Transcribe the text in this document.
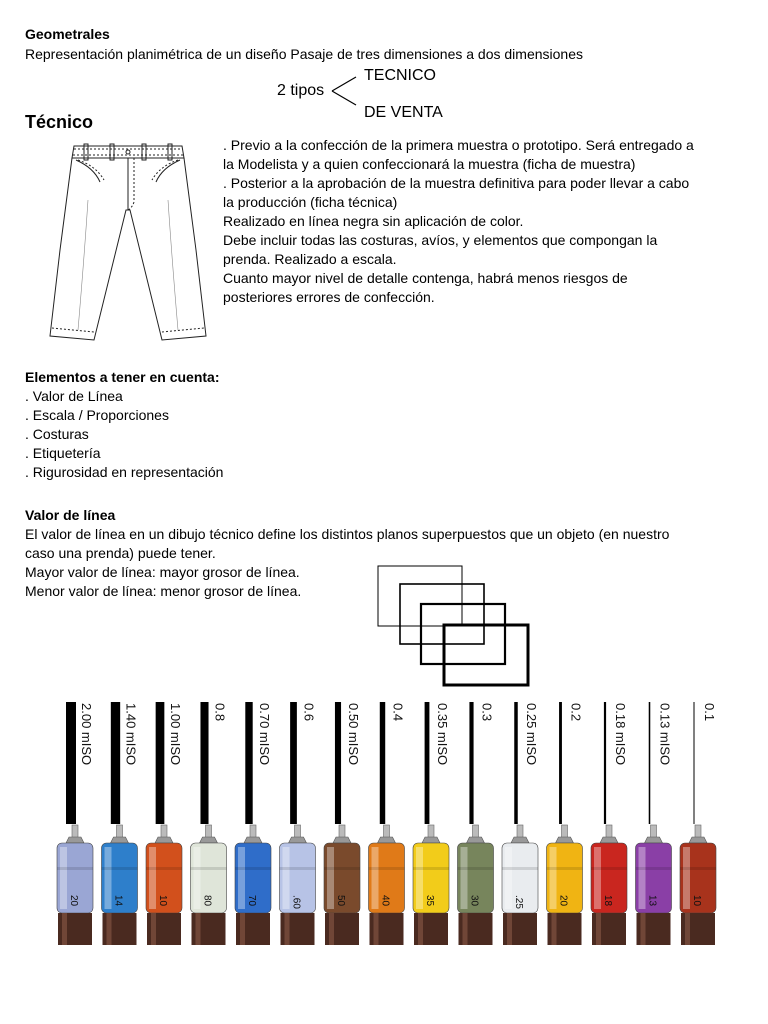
Geometrales
Representación planimétrica de un diseño Pasaje de tres dimensiones a dos dimensiones
2 tipos
TECNICO
DE VENTA
Técnico
. Previo a la confección de la primera muestra o prototipo. Será entregado a
la Modelista y a quien confeccionará la muestra (ficha de muestra)
. Posterior a la aprobación de la muestra definitiva para poder llevar a cabo
la producción (ficha técnica)
Realizado en línea negra sin aplicación de color.
Debe incluir todas las costuras, avíos, y elementos que compongan la
prenda. Realizado a escala.
Cuanto mayor nivel de detalle contenga, habrá menos riesgos de
posteriores errores de confección.
Elementos a tener en cuenta:
. Valor de Línea
. Escala / Proporciones
. Costuras
. Etiquetería
. Rigurosidad en representación
Valor de línea
El valor de línea en un dibujo técnico define los distintos planos superpuestos que un objeto (en nuestro
caso una prenda) puede tener.
Mayor valor de línea: mayor grosor de línea.
Menor valor de línea: menor grosor de línea.
2.00 mISO
20
1.40 mISO
14
1.00 mISO
10
0.8
80
0.70 mISO
70
0.6
.60
0.50 mISO
50
0.4
40
0.35 mISO
35
0.3
30
0.25 mISO
.25
0.2
20
0.18 mISO
18
0.13 mISO
13
0.1
10
